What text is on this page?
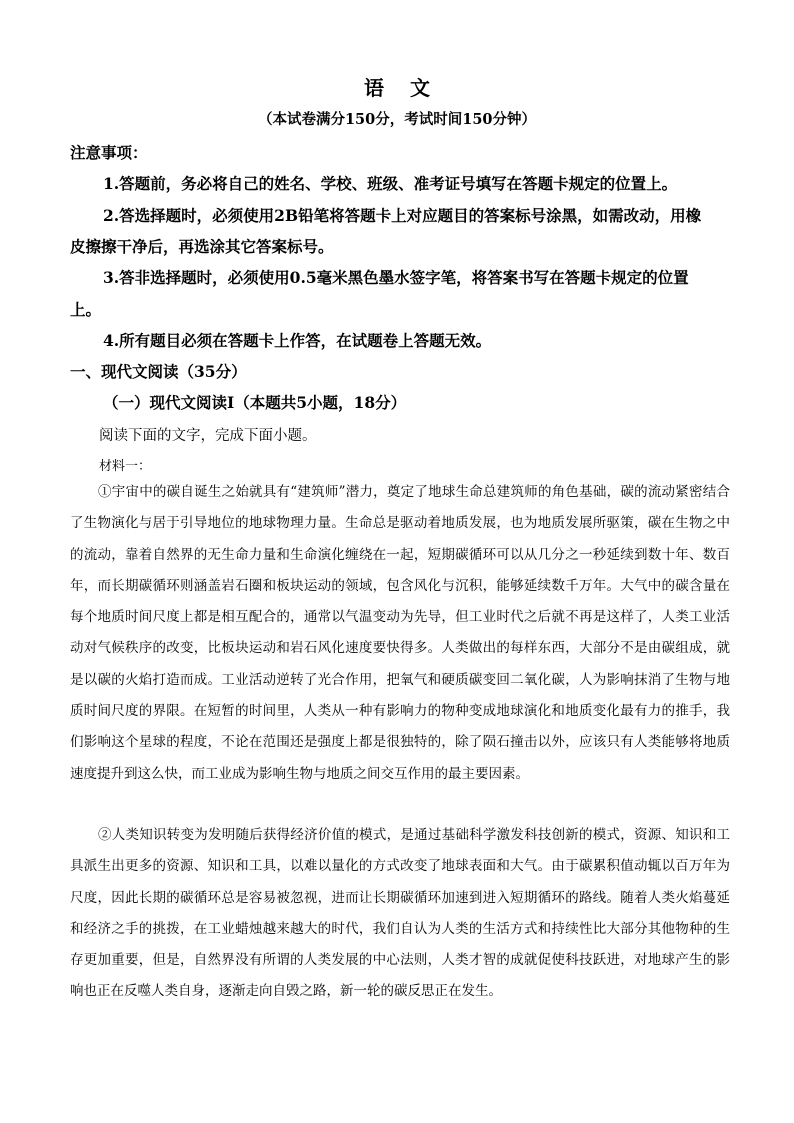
语 文
（本试卷满分150分，考试时间150分钟）
注意事项：
1.答题前，务必将自己的姓名、学校、班级、准考证号填写在答题卡规定的位置上。
2.答选择题时，必须使用2B铅笔将答题卡上对应题目的答案标号涂黑，如需改动，用橡
皮擦擦干净后，再选涂其它答案标号。
3.答非选择题时，必须使用0.5毫米黑色墨水签字笔，将答案书写在答题卡规定的位置
上。
4.所有题目必须在答题卡上作答，在试题卷上答题无效。
一、现代文阅读（35分）
（一）现代文阅读Ⅰ（本题共5小题，18分）
阅读下面的文字，完成下面小题。
材料一：
①宇宙中的碳自诞生之始就具有“建筑师”潜力，奠定了地球生命总建筑师的角色基础，碳的流动紧密结合了生物演化与居于引导地位的地球物理力量。生命总是驱动着地质发展，也为地质发展所驱策，碳在生物之中的流动，靠着自然界的无生命力量和生命演化缠绕在一起，短期碳循环可以从几分之一秒延续到数十年、数百年，而长期碳循环则涵盖岩石圈和板块运动的领域，包含风化与沉积，能够延续数千万年。大气中的碳含量在每个地质时间尺度上都是相互配合的，通常以气温变动为先导，但工业时代之后就不再是这样了，人类工业活动对气候秩序的改变，比板块运动和岩石风化速度要快得多。人类做出的每样东西，大部分不是由碳组成，就是以碳的火焰打造而成。工业活动逆转了光合作用，把氧气和硬质碳变回二氧化碳，人为影响抹消了生物与地质时间尺度的界限。在短暂的时间里，人类从一种有影响力的物种变成地球演化和地质变化最有力的推手，我们影响这个星球的程度，不论在范围还是强度上都是很独特的，除了陨石撞击以外，应该只有人类能够将地质速度提升到这么快，而工业成为影响生物与地质之间交互作用的最主要因素。
②人类知识转变为发明随后获得经济价值的模式，是通过基础科学激发科技创新的模式，资源、知识和工具派生出更多的资源、知识和工具，以难以量化的方式改变了地球表面和大气。由于碳累积值动辄以百万年为尺度，因此长期的碳循环总是容易被忽视，进而让长期碳循环加速到进入短期循环的路线。随着人类火焰蔓延和经济之手的挑拨，在工业蜡烛越来越大的时代，我们自认为人类的生活方式和持续性比大部分其他物种的生存更加重要，但是，自然界没有所谓的人类发展的中心法则，人类才智的成就促使科技跃进，对地球产生的影响也正在反噬人类自身，逐渐走向自毁之路，新一轮的碳反思正在发生。
